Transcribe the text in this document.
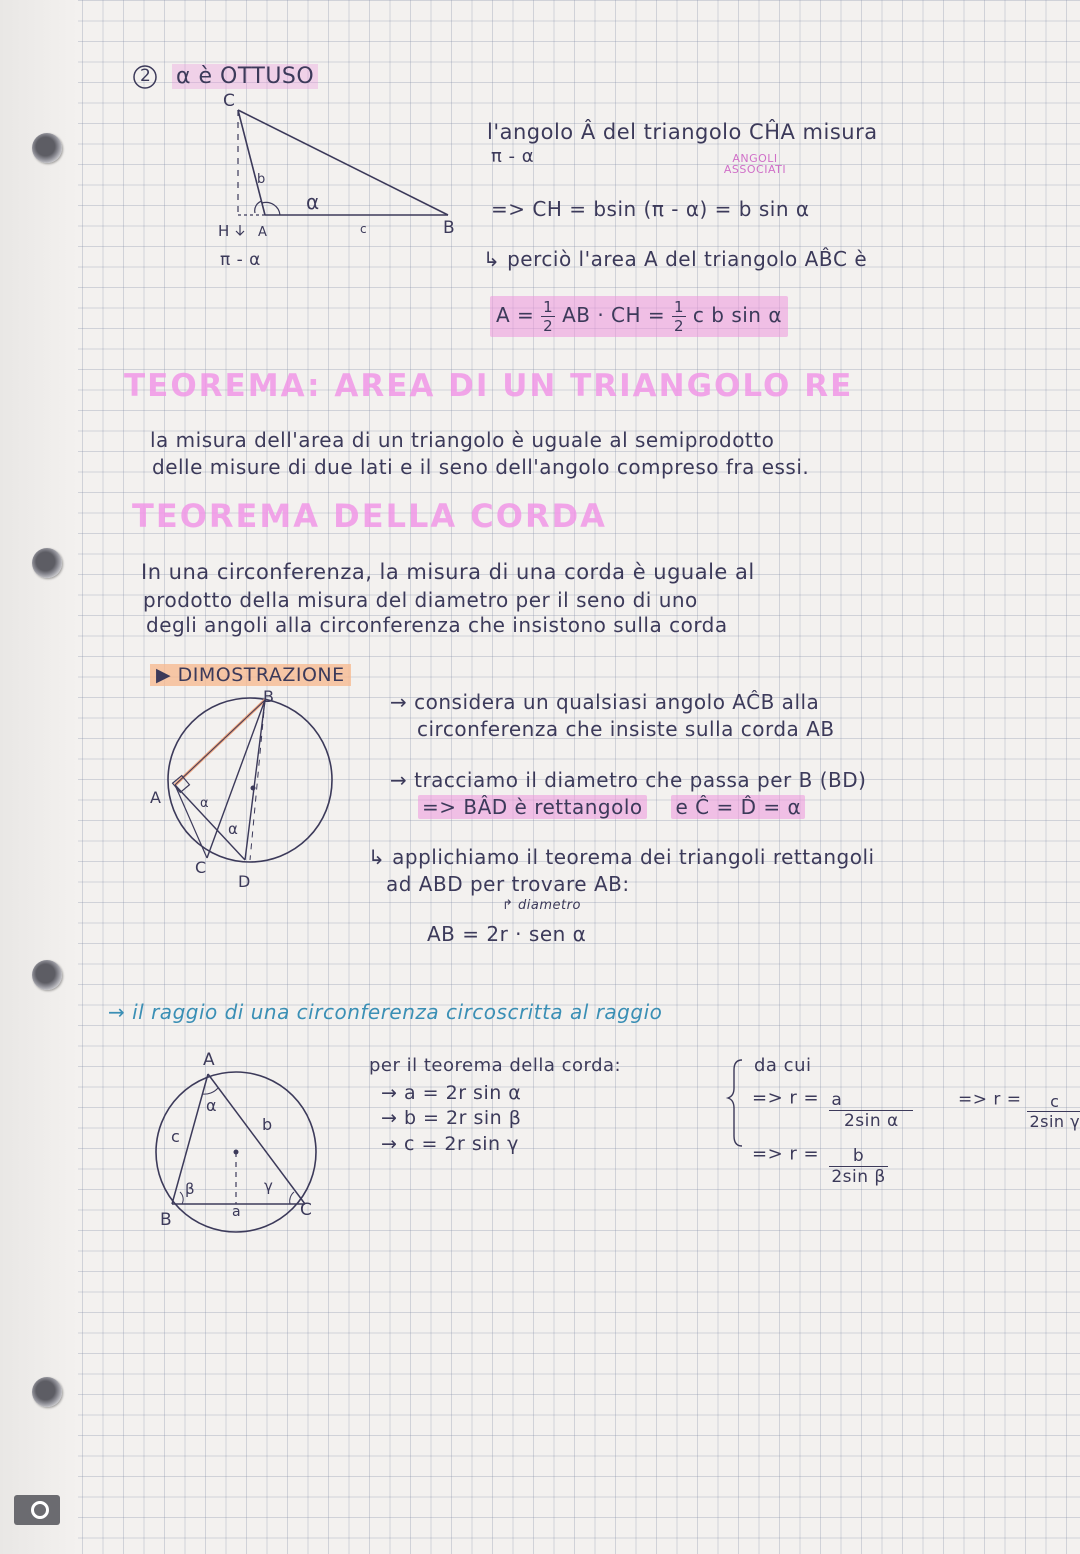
2 α è OTTUSO
C
H A	B
b
c
α
π - α
l'angolo Â del triangolo CĤA misura
π - α	ANGOLI ASSOCIATI
=> CH = bsin (π - α) = b sin α
↳ perciò l'area A del triangolo AB̂C è
$A = \frac{1}{2}$ AB · CH = $\frac{1}{2}$ c b sin α
TEOREMA: AREA DI UN TRIANGOLO RE
la misura dell'area di un triangolo è uguale al semiprodotto
delle misure di due lati e il seno dell'angolo compreso fra essi.
TEOREMA DELLA CORDA
In una circonferenza, la misura di una corda è uguale al
prodotto della misura del diametro per il seno di uno
degli angoli alla circonferenza che insistono sulla corda
▶ DIMOSTRAZIONE
B
A
C
D
α
α
→ considera un qualsiasi angolo AĈB alla
circonferenza che insiste sulla corda AB
→ tracciamo il diametro che passa per B (BD)
=> BÂD è rettangolo e Ĉ = D̂ = α
↳ applichiamo il teorema dei triangoli rettangoli
ad ABD per trovare AB:
↱ diametro
AB = 2r · sen α
→ il raggio di una circonferenza circoscritta al raggio
A
B	C
a
b
c
α
β	γ
per il teorema della corda:
→ a = 2r sin α
→ b = 2r sin β
→ c = 2r sin γ
da cui
=> $r = \frac{a}{\text{2sin α}}$
=> $r = \frac{b}{\text{2sin β}}$
=> $r = \frac{c}{\text{2sin γ}}$
